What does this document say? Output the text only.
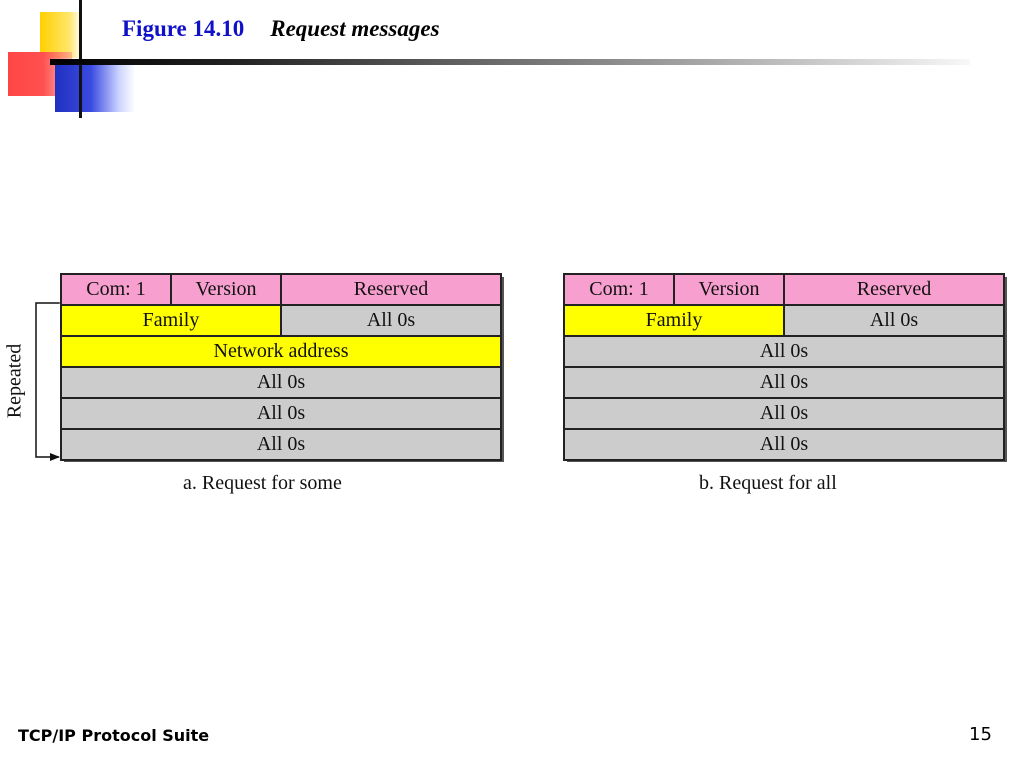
Figure 14.10 Request messages
Com: 1	Version	Reserved
Family	All 0s
Network address
All 0s
All 0s
All 0s
Repeated
a. Request for some
Com: 1	Version	Reserved
Family	All 0s
All 0s
All 0s
All 0s
All 0s
b. Request for all
TCP/IP Protocol Suite	15
